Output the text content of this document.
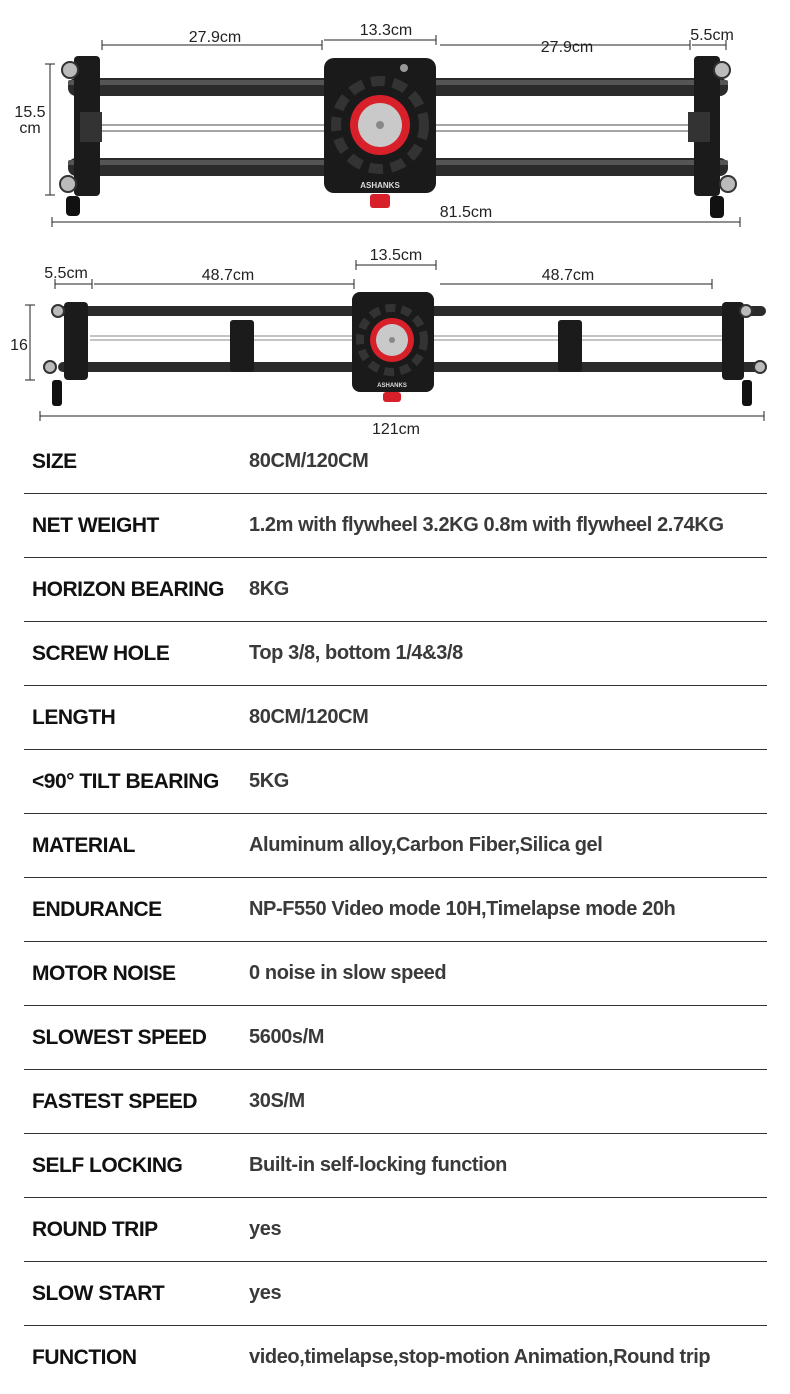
27.9cm	13.3cm
27.9cm
5.5cm
15.5
cm
81.5cm
ASHANKS
5.5cm	48.7cm
13.5cm
48.7cm
16
121cm
ASHANKS
SIZE	80CM/120CM
NET WEIGHT	1.2m with flywheel 3.2KG 0.8m with flywheel 2.74KG
HORIZON BEARING	8KG
SCREW HOLE	Top 3/8, bottom 1/4&3/8
LENGTH	80CM/120CM
<90° TILT BEARING	5KG
MATERIAL	Aluminum alloy,Carbon Fiber,Silica gel
ENDURANCE	NP-F550 Video mode 10H,Timelapse mode 20h
MOTOR NOISE	0 noise in slow speed
SLOWEST SPEED	5600s/M
FASTEST SPEED	30S/M
SELF LOCKING	Built-in self-locking function
ROUND TRIP	yes
SLOW START	yes
FUNCTION	video,timelapse,stop-motion Animation,Round trip
